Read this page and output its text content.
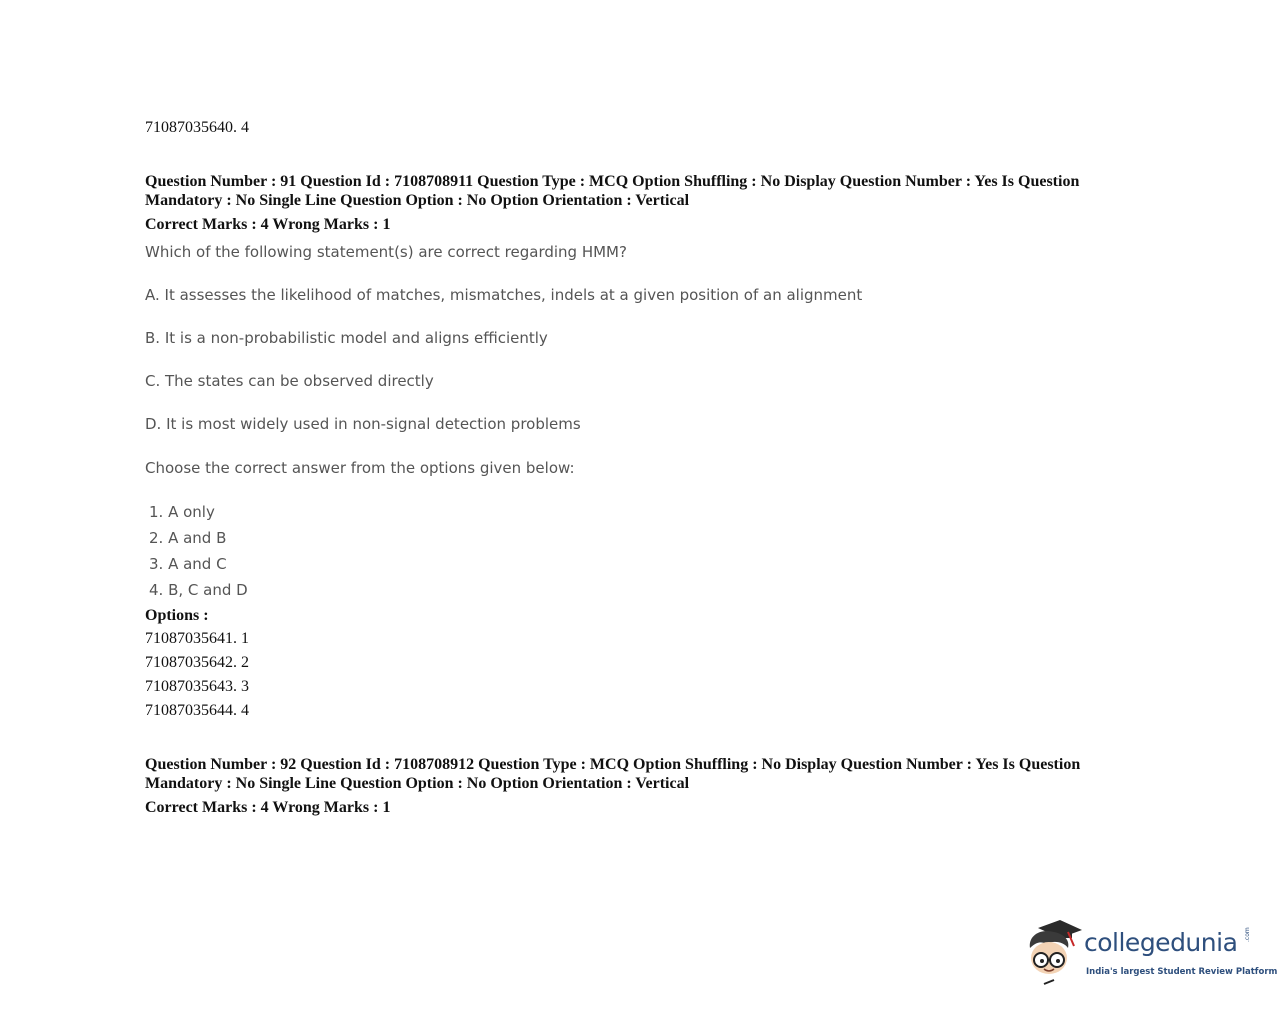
71087035640. 4
Question Number : 91 Question Id : 7108708911 Question Type : MCQ Option Shuffling : No Display Question Number : Yes Is Question Mandatory : No Single Line Question Option : No Option Orientation : Vertical
Correct Marks : 4 Wrong Marks : 1
Which of the following statement(s) are correct regarding HMM?
A. It assesses the likelihood of matches, mismatches, indels at a given position of an alignment
B. It is a non-probabilistic model and aligns efficiently
C. The states can be observed directly
D. It is most widely used in non-signal detection problems
Choose the correct answer from the options given below:
1. A only
2. A and B
3. A and C
4. B, C and D
Options :
71087035641. 1
71087035642. 2
71087035643. 3
71087035644. 4
Question Number : 92 Question Id : 7108708912 Question Type : MCQ Option Shuffling : No Display Question Number : Yes Is Question Mandatory : No Single Line Question Option : No Option Orientation : Vertical
Correct Marks : 4 Wrong Marks : 1
collegedunia .com
India's largest Student Review Platform
